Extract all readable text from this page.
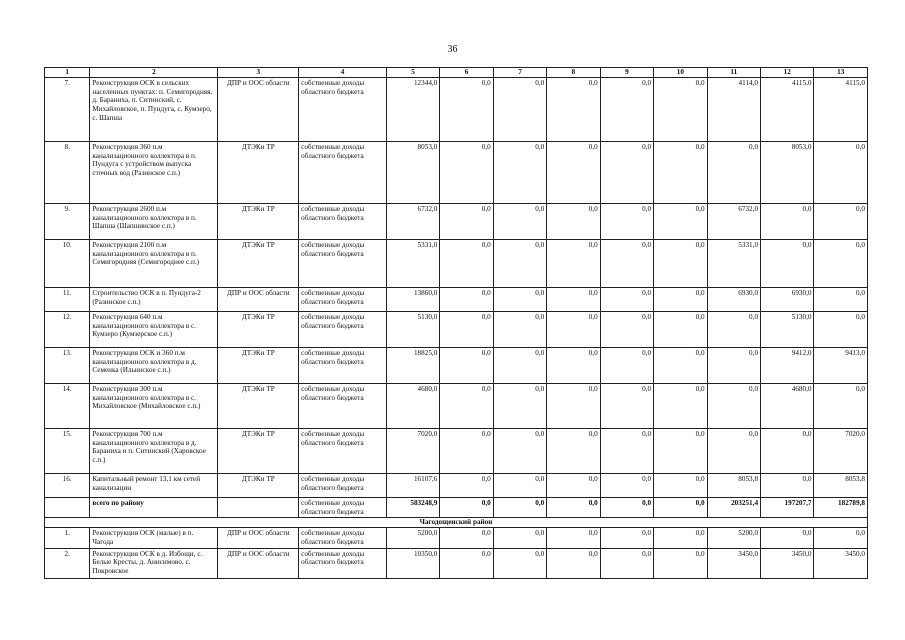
36
1	2	3	4	5	6	7	8	9	10	11	12	13
7.	Реконструкция ОСК в сельских населенных пунктах: п. Семигородняя, д. Бараниха, п. Ситинский, с. Михайловское, п. Пундуга, с. Кумзеро, с. Шапша	ДПР и ООС области	собственные доходы областного бюджета	12344,0	0,0	0,0	0,0	0,0	0,0	4114,0	4115,0	4115,0
8.	Реконструкция 360 п.м канализационного коллектора в п. Пундуга с устройством выпуска сточных вод (Разинское с.п.)	ДТЭКи ТР	собственные доходы областного бюджета	8053,0	0,0	0,0	0,0	0,0	0,0	0,0	8053,0	0,0
9.	Реконструкция 2600 п.м канализационного коллектора в п. Шапша (Шапшинское с.п.)	ДТЭКи ТР	собственные доходы областного бюджета	6732,0	0,0	0,0	0,0	0,0	0,0	6732,0	0,0	0,0
10.	Реконструкция 2100 п.м канализационного коллектора в п. Семигородняя (Семигороднее с.п.)	ДТЭКи ТР	собственные доходы областного бюджета	5331,0	0,0	0,0	0,0	0,0	0,0	5331,0	0,0	0,0
11.	Строительство ОСК в п. Пундуга-2 (Разинское с.п.)	ДПР и ООС области	собственные доходы областного бюджета	13860,0	0,0	0,0	0,0	0,0	0,0	6930,0	6930,0	0,0
12.	Реконструкция 640 п.м канализационного коллектора в с. Кумзеро (Кумзерское с.п.)	ДТЭКи ТР	собственные доходы областного бюджета	5130,0	0,0	0,0	0,0	0,0	0,0	0,0	5130,0	0,0
13.	Реконструкция ОСК и 360 п.м канализационного коллектора в д. Семенка (Ильинское с.п.)	ДТЭКи ТР	собственные доходы областного бюджета	18825,0	0,0	0,0	0,0	0,0	0,0	0,0	9412,0	9413,0
14.	Реконструкция 300 п.м канализационного коллектора в с. Михайловское (Михайловское с.п.)	ДТЭКи ТР	собственные доходы областного бюджета	4680,0	0,0	0,0	0,0	0,0	0,0	0,0	4680,0	0,0
15.	Реконструкция 700 п.м канализационного коллектора в д. Бараниха и п. Ситинский (Харовское с.п.)	ДТЭКи ТР	собственные доходы областного бюджета	7020,0	0,0	0,0	0,0	0,0	0,0	0,0	0,0	7020,0
16.	Капитальный ремонт 13,1 км сетей канализации	ДТЭКи ТР	собственные доходы областного бюджета	16107,6	0,0	0,0	0,0	0,0	0,0	8053,8	0,0	8053,8
	всего по району		собственные доходы областного бюджета	583248,9	0,0	0,0	0,0	0,0	0,0	203251,4	197207,7	182789,8
Чагодощенский район												
1.	Реконструкция ОСК (малые) в п. Чагода	ДПР и ООС области	собственные доходы областного бюджета	5200,0	0,0	0,0	0,0	0,0	0,0	5200,0	0,0	0,0
2.	Реконструкция ОСК в д. Избощи, с. Белые Кресты, д. Анисимово, с. Покровское	ДПР и ООС области	собственные доходы областного бюджета	10350,0	0,0	0,0	0,0	0,0	0,0	3450,0	3450,0	3450,0
